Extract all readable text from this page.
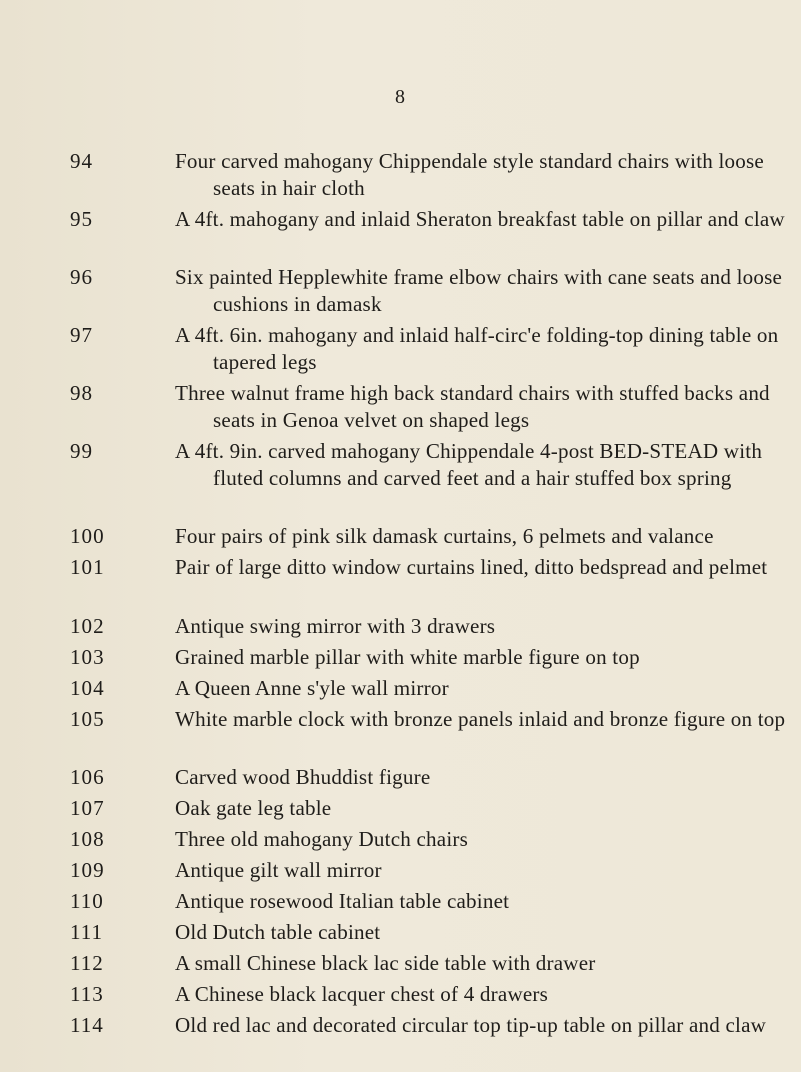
8
94	Four carved mahogany Chippendale style standard chairs with loose seats in hair cloth
95	A 4ft. mahogany and inlaid Sheraton breakfast table on pillar and claw
96	Six painted Hepplewhite frame elbow chairs with cane seats and loose cushions in damask
97	A 4ft. 6in. mahogany and inlaid half-circ'e folding-top dining table on tapered legs
98	Three walnut frame high back standard chairs with stuffed backs and seats in Genoa velvet on shaped legs
99	A 4ft. 9in. carved mahogany Chippendale 4-post BED-STEAD with fluted columns and carved feet and a hair stuffed box spring
100	Four pairs of pink silk damask curtains, 6 pelmets and valance
101	Pair of large ditto window curtains lined, ditto bedspread and pelmet
102	Antique swing mirror with 3 drawers
103	Grained marble pillar with white marble figure on top
104	A Queen Anne s'yle wall mirror
105	White marble clock with bronze panels inlaid and bronze figure on top
106	Carved wood Bhuddist figure
107	Oak gate leg table
108	Three old mahogany Dutch chairs
109	Antique gilt wall mirror
110	Antique rosewood Italian table cabinet
111	Old Dutch table cabinet
112	A small Chinese black lac side table with drawer
113	A Chinese black lacquer chest of 4 drawers
114	Old red lac and decorated circular top tip-up table on pillar and claw
